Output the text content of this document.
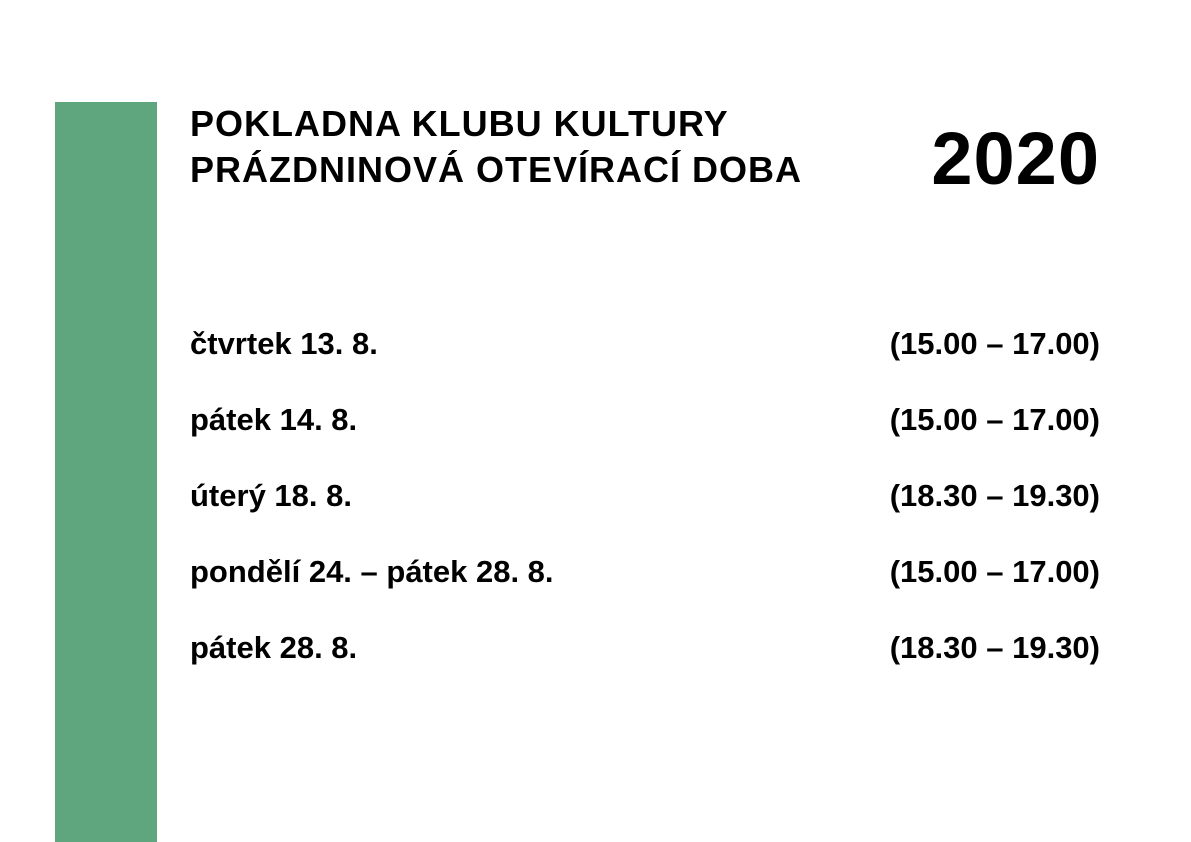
POKLADNA KLUBU KULTURY
PRÁZDNINOVÁ OTEVÍRACÍ DOBA 2020
čtvrtek 13. 8.	(15.00 – 17.00)
pátek 14. 8.	(15.00 – 17.00)
úterý 18. 8.	(18.30 – 19.30)
pondělí 24. – pátek 28. 8.	(15.00 – 17.00)
pátek 28. 8.	(18.30 – 19.30)
